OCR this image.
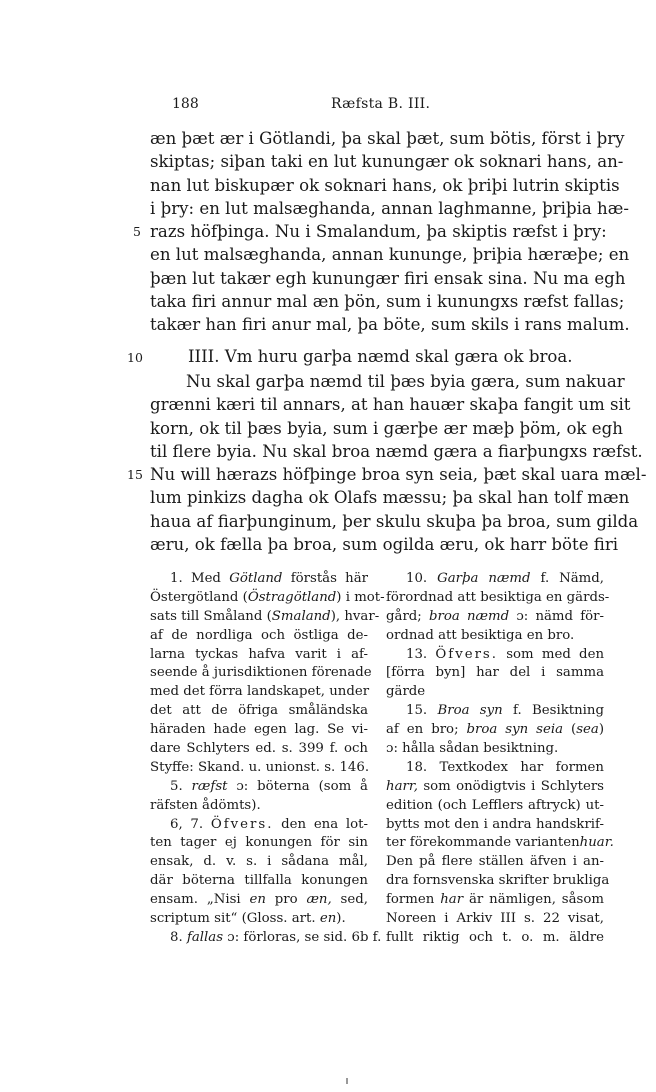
188	Ræfsta B. III.
æn þæt ær i Götlandi, þa skal þæt, sum bötis, först i þry
skiptas; siþan taki en lut kunungær ok soknari hans, an-
nan lut biskupær ok soknari hans, ok þriþi lutrin skiptis
i þry: en lut malsæghanda, annan laghmanne, þriþia hæ-
razs höfþinga. Nu i Smalandum, þa skiptis ræfst i þry:
en lut malsæghanda, annan kununge, þriþia hæræþe; en
þæn lut takær egh kunungær firi ensak sina. Nu ma egh
taka firi annur mal æn þön, sum i kunungxs ræfst fallas;
takær han firi anur mal, þa böte, sum skils i rans malum.
5
10
15
IIII. Vm huru garþa næmd skal gæra ok broa.
Nu skal garþa næmd til þæs byia gæra, sum nakuar
grænni kæri til annars, at han hauær skaþa fangit um sit
korn, ok til þæs byia, sum i gærþe ær mæþ þöm, ok egh
til flere byia. Nu skal broa næmd gæra a fiarþungxs ræfst.
Nu will hærazs höfþinge broa syn seia, þæt skal uara mæl-
lum pinkizs dagha ok Olafs mæssu; þa skal han tolf mæn
haua af fiarþunginum, þer skulu skuþa þa broa, sum gilda
æru, ok fælla þa broa, sum ogilda æru, ok harr böte firi
1. Med Götland förstås här
Östergötland (Östragötland) i mot-
sats till Småland (Smaland), hvar-
af de nordliga och östliga de-
larna tyckas hafva varit i af-
seende å jurisdiktionen förenade
med det förra landskapet, under
det att de öfriga småländska
häraden hade egen lag. Se vi-
dare Schlyters ed. s. 399 f. och
Styffe: Skand. u. unionst. s. 146.
5. ræfst ɔ: böterna (som å
räfsten ådömts).
6, 7. Öfvers. den ena lot-
ten tager ej konungen för sin
ensak, d. v. s. i sådana mål,
där böterna tillfalla konungen
ensam. „Nisi en pro æn, sed,
scriptum sit“ (Gloss. art. en).
8. fallas ɔ: förloras, se sid. 6b f.
10. Garþa næmd f. Nämd,
förordnad att besiktiga en gärds-
gård; broa næmd ɔ: nämd för-
ordnad att besiktiga en bro.
13. Öfvers. som med den
[förra byn] har del i samma
gärde
15. Broa syn f. Besiktning
af en bro; broa syn seia (sea)
ɔ: hålla sådan besiktning.
18. Textkodex har formen
harr, som onödigtvis i Schlyters
edition (och Lefflers aftryck) ut-
bytts mot den i andra handskrif-
ter förekommande variantenhuar.
Den på flere ställen äfven i an-
dra fornsvenska skrifter brukliga
formen har är nämligen, såsom
Noreen i Arkiv III s. 22 visat,
fullt riktig och t. o. m. äldre
